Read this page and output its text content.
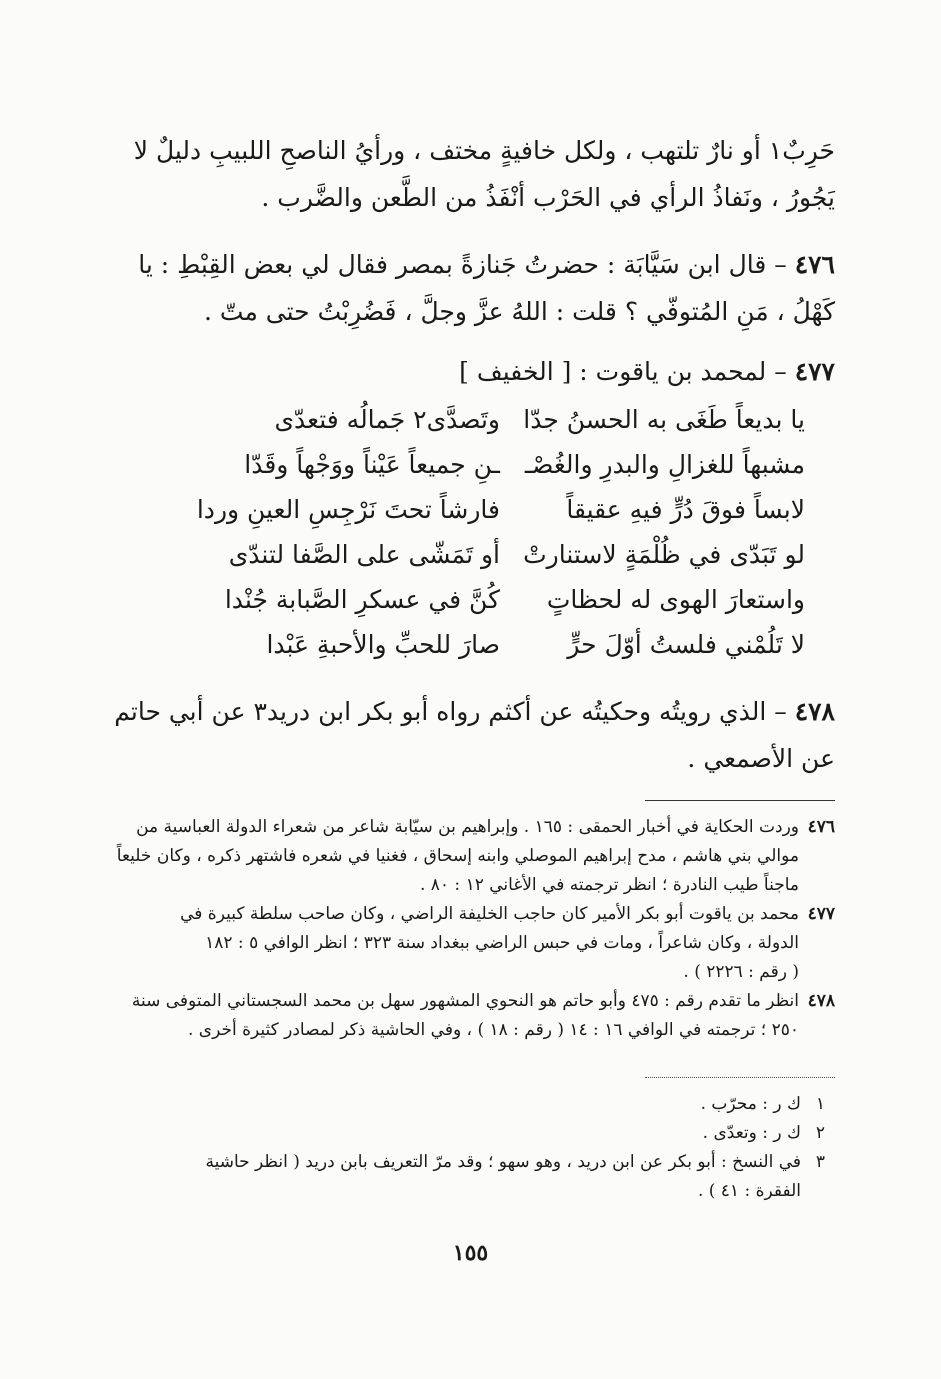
حَرِبٌ١ أو نارٌ تلتهب ، ولكل خافيةٍ مختف ، ورأيُ الناصحِ اللبيبِ دليلٌ لا
يَجُورُ ، ونَفاذُ الرأي في الحَرْب أنْفَذُ من الطَّعن والضَّرب .
٤٧٦ – قال ابن سَيَّابَة : حضرتُ جَنازةً بمصر فقال لي بعض القِبْطِ : يا
كَهْلُ ، مَنِ المُتوفّي ؟ قلت : اللهُ عزَّ وجلَّ ، فَضُرِبْتُ حتى متّ .
٤٧٧ – لمحمد بن ياقوت : [ الخفيف ]
يا بديعاً طَغَى به الحسنُ جدّا
وتَصدَّى٢ جَمالُه فتعدّى
مشبهاً للغزالِ والبدرِ والغُصْـ
ـنِ جميعاً عَيْناً ووَجْهاً وقَدّا
لابساً فوقَ دُرٍّ فيهِ عقيقاً
فارشاً تحتَ نَرْجِسِ العينِ وردا
لو تَبَدّى في ظُلْمَةٍ لاستنارتْ
أو تَمَشّى على الصَّفا لتندّى
واستعارَ الهوى له لحظاتٍ
كُنَّ في عسكرِ الصَّبابة جُنْدا
لا تَلُمْني فلستُ أوّلَ حرٍّ
صارَ للحبِّ والأحبةِ عَبْدا
٤٧٨ – الذي رويتُه وحكيتُه عن أكثم رواه أبو بكر ابن دريد٣ عن أبي حاتم
عن الأصمعي .
٤٧٦
وردت الحكاية في أخبار الحمقى : ١٦٥ . وإبراهيم بن سيّابة شاعر من شعراء الدولة العباسية من
موالي بني هاشم ، مدح إبراهيم الموصلي وابنه إسحاق ، فغنيا في شعره فاشتهر ذكره ، وكان خليعاً
ماجناً طيب النادرة ؛ انظر ترجمته في الأغاني ١٢ : ٨٠ .
٤٧٧
محمد بن ياقوت أبو بكر الأمير كان حاجب الخليفة الراضي ، وكان صاحب سلطة كبيرة في
الدولة ، وكان شاعراً ، ومات في حبس الراضي ببغداد سنة ٣٢٣ ؛ انظر الوافي ٥ : ١٨٢
( رقم : ٢٢٢٦ ) .
٤٧٨
انظر ما تقدم رقم : ٤٧٥ وأبو حاتم هو النحوي المشهور سهل بن محمد السجستاني المتوفى سنة
٢٥٠ ؛ ترجمته في الوافي ١٦ : ١٤ ( رقم : ١٨ ) ، وفي الحاشية ذكر لمصادر كثيرة أخرى .
١
ك ر : محرّب .
٢
ك ر : وتعدّى .
٣
في النسخ : أبو بكر عن ابن دريد ، وهو سهو ؛ وقد مرّ التعريف بابن دريد ( انظر حاشية
الفقرة : ٤١ ) .
١٥٥
